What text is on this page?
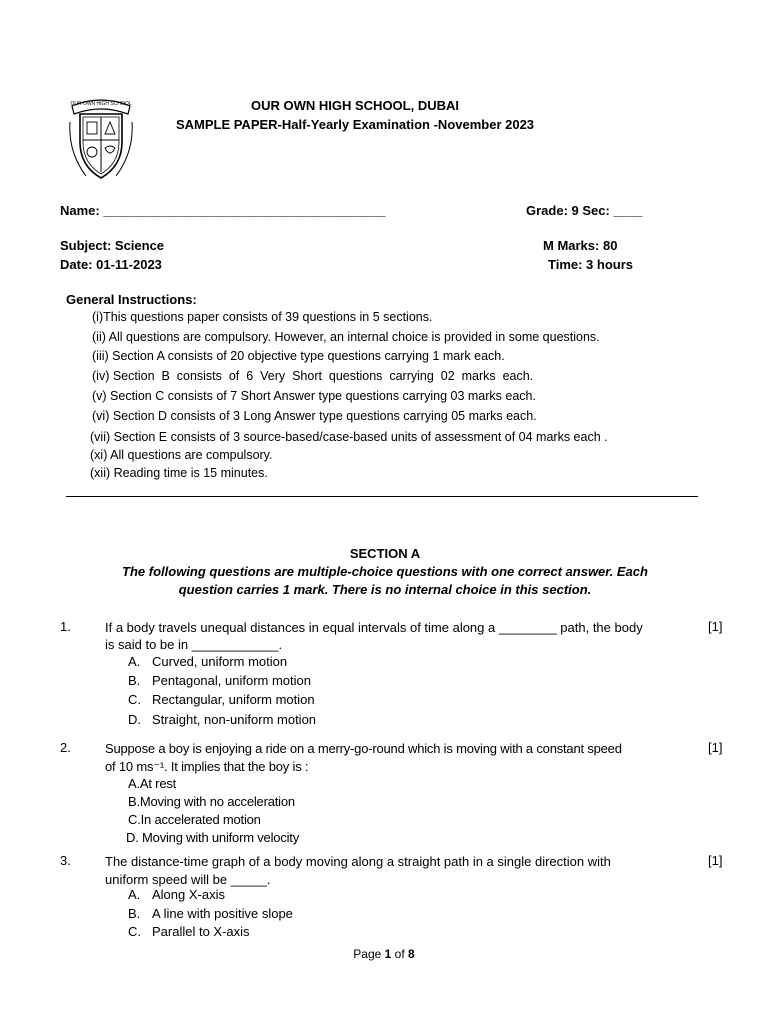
OUR OWN HIGH SCHOOL	OUR OWN HIGH SCHOOL, DUBAI
SAMPLE PAPER-Half-Yearly Examination -November 2023
Name: _______________________________________	Grade: 9 Sec: ____
Subject: Science	M Marks: 80
Date: 01-11-2023	Time: 3 hours
General Instructions:
(i)This questions paper consists of 39 questions in 5 sections.
(ii) All questions are compulsory. However, an internal choice is provided in some questions.
(iii) Section A consists of 20 objective type questions carrying 1 mark each.
(iv) Section  B  consists  of  6  Very  Short  questions  carrying  02  marks  each.
(v) Section C consists of 7 Short Answer type questions carrying 03 marks each.
(vi) Section D consists of 3 Long Answer type questions carrying 05 marks each.
(vii) Section E consists of 3 source-based/case-based units of assessment of 04 marks each .
(xi) All questions are compulsory.
(xii) Reading time is 15 minutes.
SECTION A
The following questions are multiple-choice questions with one correct answer. Each
question carries 1 mark. There is no internal choice in this section.
1.	If a body travels unequal distances in equal intervals of time along a ________ path, the body
is said to be in ____________.
[1]
A. Curved, uniform motion
B. Pentagonal, uniform motion
C. Rectangular, uniform motion
D. Straight, non-uniform motion
2.	Suppose a boy is enjoying a ride on a merry-go-round which is moving with a constant speed
of 10 ms⁻¹. It implies that the boy is :
[1]
A.At rest
B.Moving with no acceleration
C.In accelerated motion
D. Moving with uniform velocity
3.	The distance-time graph of a body moving along a straight path in a single direction with
uniform speed will be _____.
[1]
A. Along X-axis
B. A line with positive slope
C. Parallel to X-axis
Page 1 of 8
